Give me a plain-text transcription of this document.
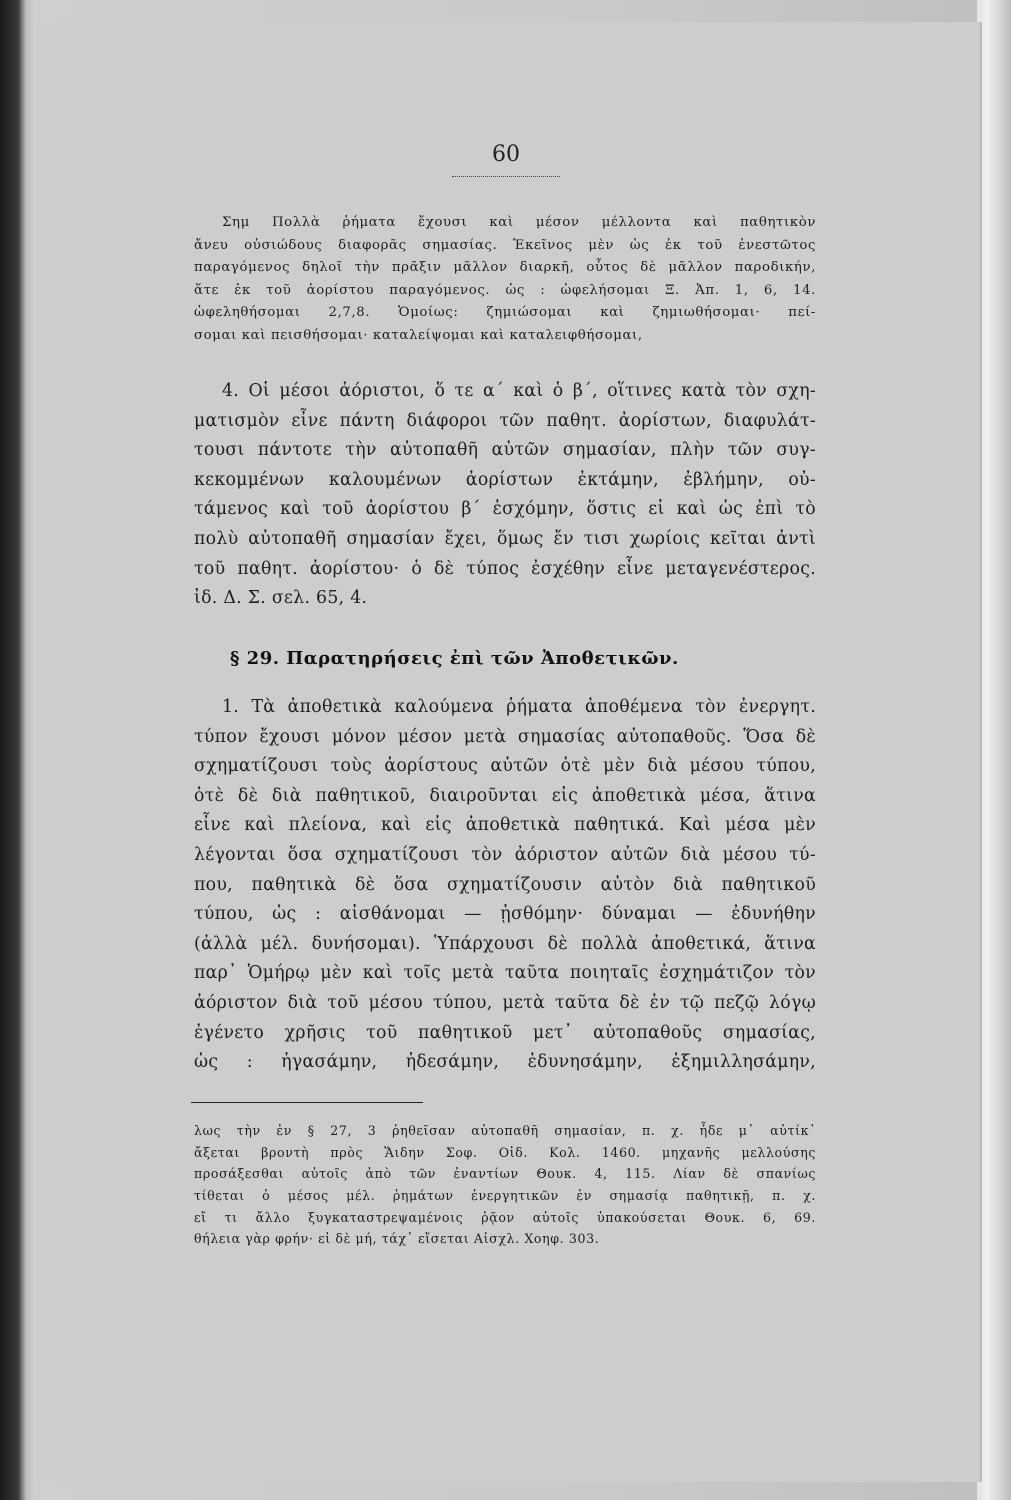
60
Σημ Πολλὰ ῥήματα ἔχουσι καὶ μέσον μέλλοντα καὶ παθητικὸν
ἄνευ οὐσιώδους διαφορᾶς σημασίας. Ἐκεῖνος μὲν ὡς ἐκ τοῦ ἐνεστῶτος
παραγόμενος δηλοῖ τὴν πρᾶξιν μᾶλλον διαρκῆ, οὗτος δὲ μᾶλλον παροδικήν,
ἅτε ἐκ τοῦ ἀορίστου παραγόμενος. ὡς : ὠφελήσομαι Ξ. Ἀπ. 1, 6, 14.
ὠφεληθήσομαι 2,7,8. Ὁμοίως: ζημιώσομαι καὶ ζημιωθήσομαι· πεί-
σομαι καὶ πεισθήσομαι· καταλείψομαι καὶ καταλειφθήσομαι,
4. Οἱ μέσοι ἀόριστοι, ὅ τε α΄ καὶ ὁ β΄, οἵτινες κατὰ τὸν σχη-
ματισμὸν εἶνε πάντη διάφοροι τῶν παθητ. ἀορίστων, διαφυλάτ-
τουσι πάντοτε τὴν αὐτοπαθῆ αὐτῶν σημασίαν, πλὴν τῶν συγ-
κεκομμένων καλουμένων ἀορίστων ἐκτάμην, ἐβλήμην, οὐ-
τάμενος καὶ τοῦ ἀορίστου β΄ ἐσχόμην, ὅστις εἰ καὶ ὡς ἐπὶ τὸ
πολὺ αὐτοπαθῆ σημασίαν ἔχει, ὅμως ἔν τισι χωρίοις κεῖται ἀντὶ
τοῦ παθητ. ἀορίστου· ὁ δὲ τύπος ἐσχέθην εἶνε μεταγενέστερος.
ἰδ. Δ. Σ. σελ. 65, 4.
§ 29. Παρατηρήσεις ἐπὶ τῶν Ἀποθετικῶν.
1. Τὰ ἀποθετικὰ καλούμενα ῥήματα ἀποθέμενα τὸν ἐνεργητ.
τύπον ἔχουσι μόνον μέσον μετὰ σημασίας αὐτοπαθοῦς. Ὅσα δὲ
σχηματίζουσι τοὺς ἀορίστους αὐτῶν ὁτὲ μὲν διὰ μέσου τύπου,
ὁτὲ δὲ διὰ παθητικοῦ, διαιροῦνται εἰς ἀποθετικὰ μέσα, ἅτινα
εἶνε καὶ πλείονα, καὶ εἰς ἀποθετικὰ παθητικά. Καὶ μέσα μὲν
λέγονται ὅσα σχηματίζουσι τὸν ἀόριστον αὐτῶν διὰ μέσου τύ-
που, παθητικὰ δὲ ὅσα σχηματίζουσιν αὐτὸν διὰ παθητικοῦ
τύπου, ὡς : αἰσθάνομαι — ᾐσθόμην· δύναμαι — ἐδυνήθην
(ἀλλὰ μέλ. δυνήσομαι). Ὑπάρχουσι δὲ πολλὰ ἀποθετικά, ἅτινα
παρ᾽ Ὁμήρῳ μὲν καὶ τοῖς μετὰ ταῦτα ποιηταῖς ἐσχημάτιζον τὸν
ἀόριστον διὰ τοῦ μέσου τύπου, μετὰ ταῦτα δὲ ἐν τῷ πεζῷ λόγῳ
ἐγένετο χρῆσις τοῦ παθητικοῦ μετ᾽ αὐτοπαθοῦς σημασίας,
ὡς : ἠγασάμην, ἠδεσάμην, ἐδυνησάμην, ἐξημιλλησάμην,
λως τὴν ἐν § 27, 3 ῥηθεῖσαν αὐτοπαθῆ σημασίαν, π. χ. ἦδε μ᾽ αὐτίκ᾽
ἄξεται βροντὴ πρὸς Ἅιδην Σοφ. Οἰδ. Κολ. 1460. μηχανῆς μελλούσης
προσάξεσθαι αὐτοῖς ἀπὸ τῶν ἐναντίων Θουκ. 4, 115. Λίαν δὲ σπανίως
τίθεται ὁ μέσος μέλ. ῥημάτων ἐνεργητικῶν ἐν σημασίᾳ παθητικῇ, π. χ.
εἴ τι ἄλλο ξυγκαταστρεψαμένοις ῥᾷον αὐτοῖς ὑπακούσεται Θουκ. 6, 69.
θήλεια γὰρ φρήν· εἰ δὲ μή, τάχ᾽ εἴσεται Αἰσχλ. Χοηφ. 303.
